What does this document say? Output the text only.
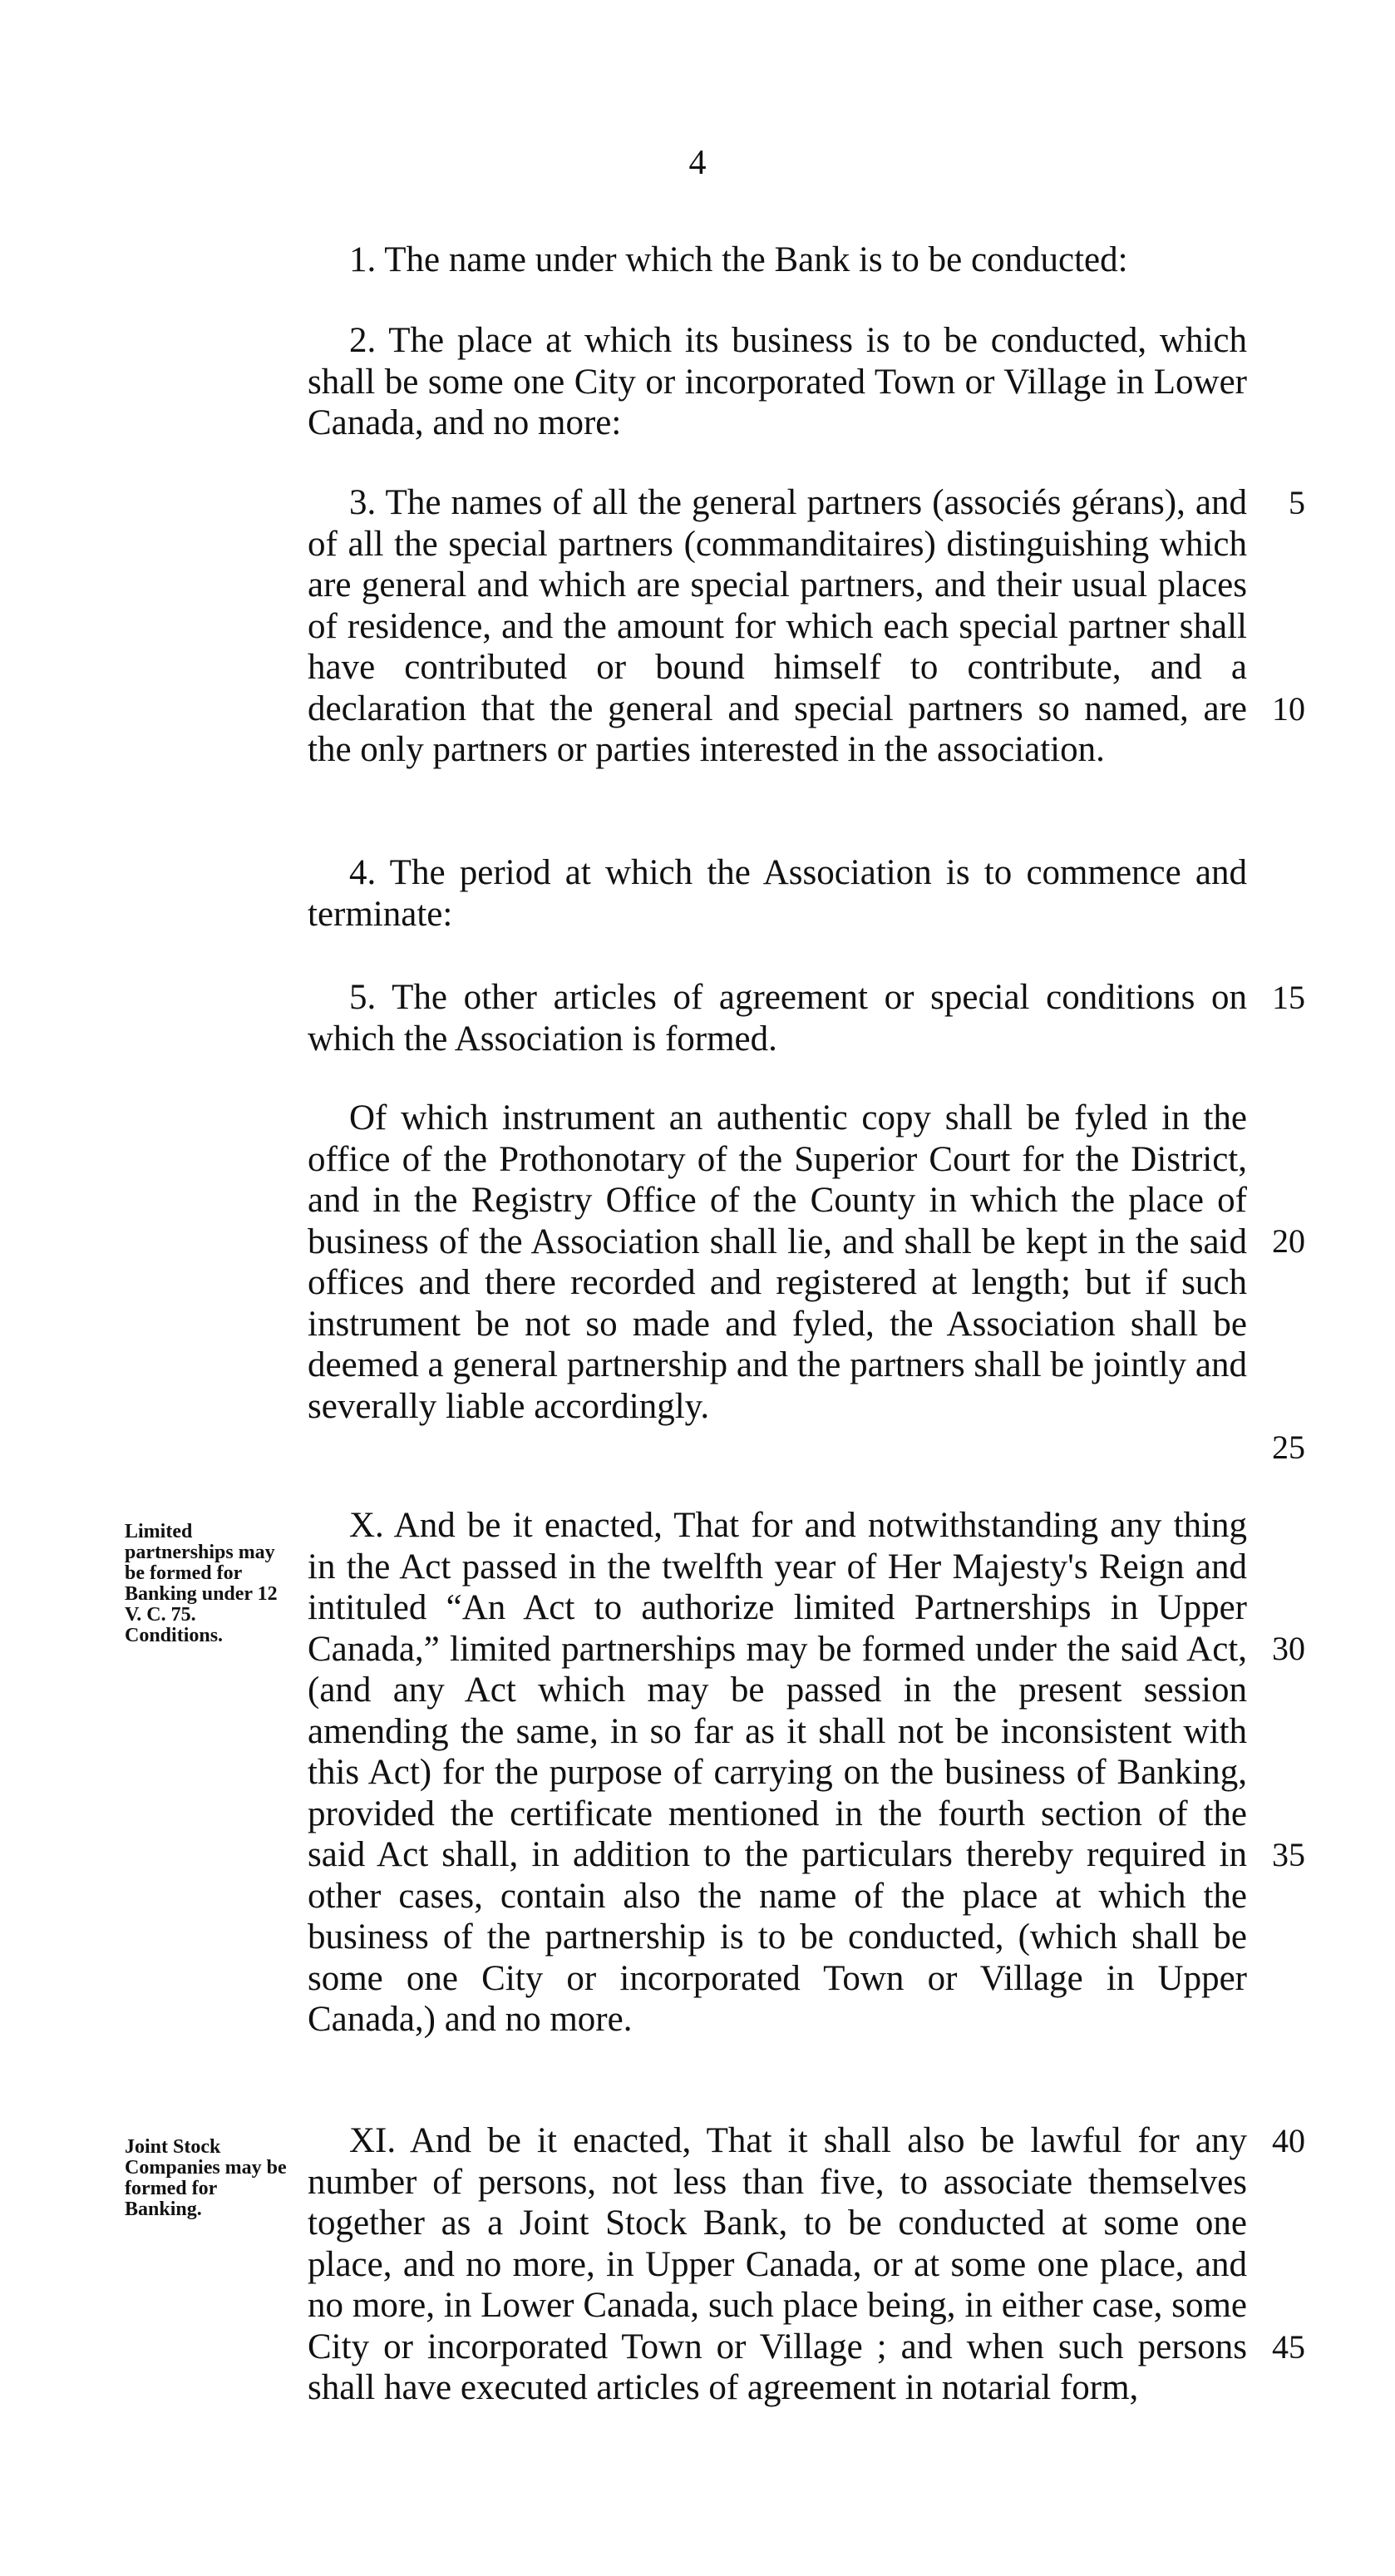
4

1. The name under which the Bank is to be conducted:

2. The place at which its business is to be conducted, which shall be some one City or incorporated Town or Village in Lower Canada, and no more:

3. The names of all the general partners (associés gérans), and of all the special partners (commanditaires) distinguishing which are general and which are special partners, and their usual places of residence, and the amount for which each special partner shall have contributed or bound himself to contribute, and a declaration that the general and special partners so named, are the only partners or parties interested in the association.

4. The period at which the Association is to commence and terminate:

5. The other articles of agreement or special conditions on which the Association is formed.

Of which instrument an authentic copy shall be fyled in the office of the Prothonotary of the Superior Court for the District, and in the Registry Office of the County in which the place of business of the Association shall lie, and shall be kept in the said offices and there recorded and registered at length; but if such instrument be not so made and fyled, the Association shall be deemed a general partnership and the partners shall be jointly and severally liable accordingly.

X. And be it enacted, That for and notwithstanding any thing in the Act passed in the twelfth year of Her Majesty's Reign and intituled “An Act to authorize limited Partnerships in Upper Canada,” limited partnerships may be formed under the said Act, (and any Act which may be passed in the present session amending the same, in so far as it shall not be inconsistent with this Act) for the purpose of carrying on the business of Banking, provided the certificate mentioned in the fourth section of the said Act shall, in addition to the particulars thereby required in other cases, contain also the name of the place at which the business of the partnership is to be conducted, (which shall be some one City or incorporated Town or Village in Upper Canada,) and no more.

XI. And be it enacted, That it shall also be lawful for any number of persons, not less than five, to associate themselves together as a Joint Stock Bank, to be conducted at some one place, and no more, in Upper Canada, or at some one place, and no more, in Lower Canada, such place being, in either case, some City or incorporated Town or Village ; and when such persons shall have executed articles of agreement in notarial form,

Limited partnerships may be formed for Banking under 12 V. C. 75. Conditions.
Joint Stock Companies may be formed for Banking.
5
10
15
20
25
30
35
40
45
